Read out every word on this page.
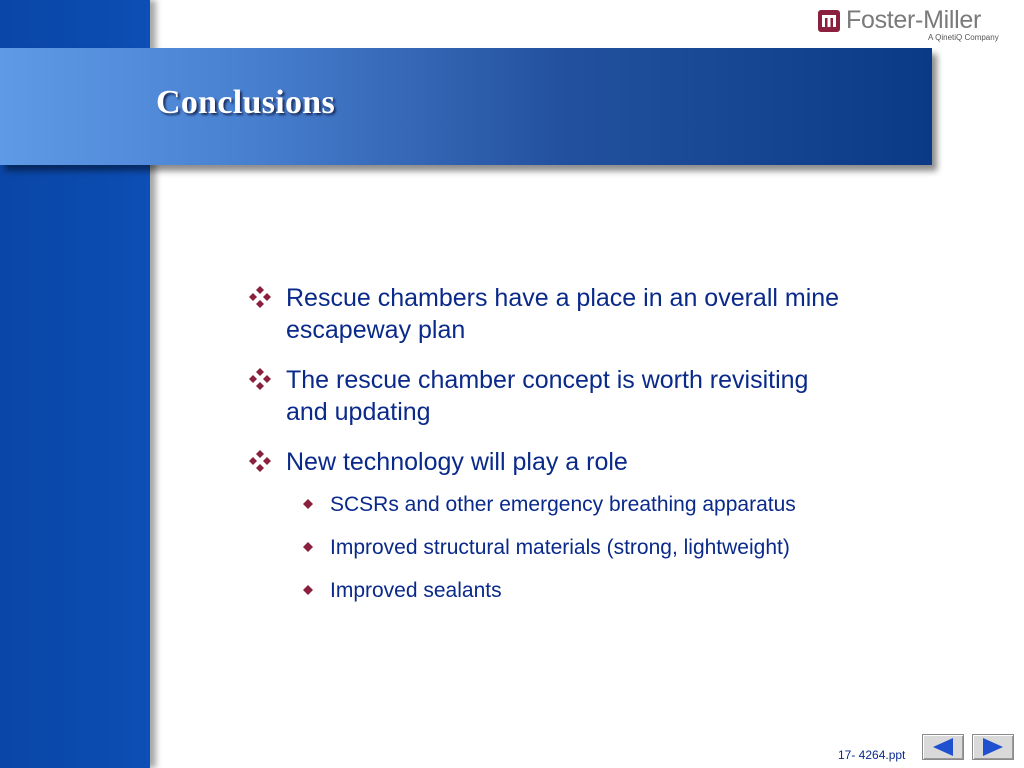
Conclusions
Foster-Miller
A QinetiQ Company
Rescue chambers have a place in an overall mine escapeway plan
The rescue chamber concept is worth revisiting and updating
New technology will play a role
SCSRs and other emergency breathing apparatus
Improved structural materials (strong, lightweight)
Improved sealants
17- 4264.ppt
